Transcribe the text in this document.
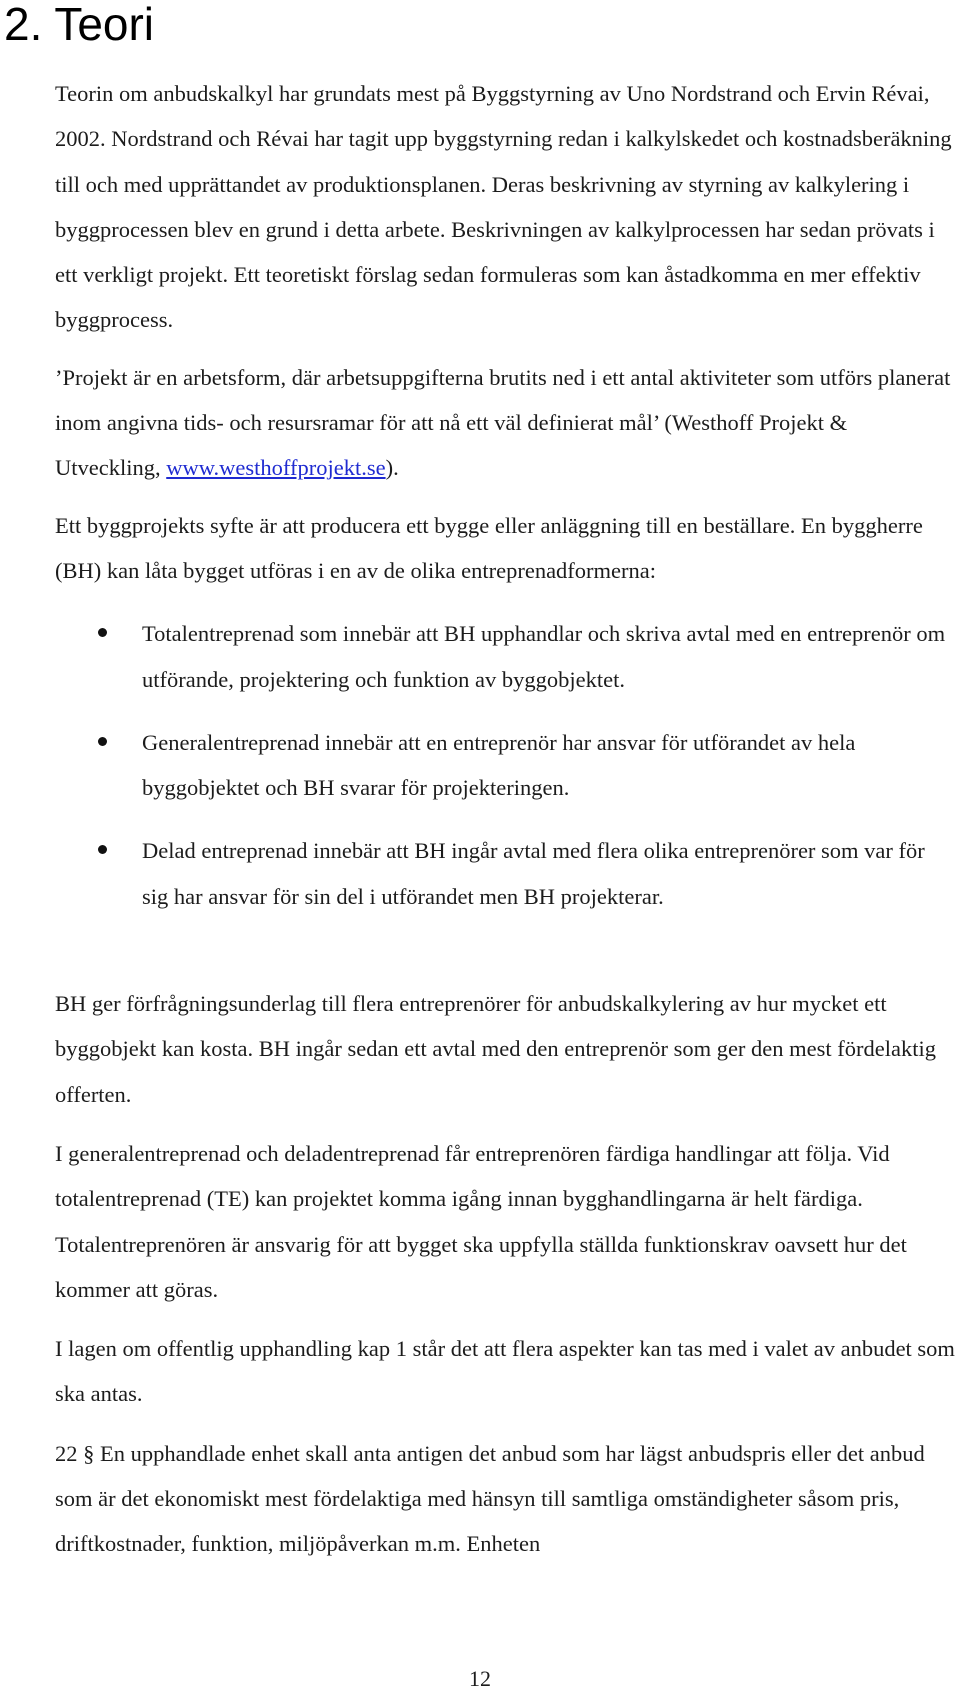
2. Teori

Teorin om anbudskalkyl har grundats mest på Byggstyrning av Uno Nordstrand och Ervin Révai, 2002. Nordstrand och Révai har tagit upp byggstyrning redan i kalkylskedet och kostnadsberäkning till och med upprättandet av produktionsplanen. Deras beskrivning av styrning av kalkylering i byggprocessen blev en grund i detta arbete. Beskrivningen av kalkylprocessen har sedan prövats i ett verkligt projekt. Ett teoretiskt förslag sedan formuleras som kan åstadkomma en mer effektiv byggprocess.

’Projekt är en arbetsform, där arbetsuppgifterna brutits ned i ett antal aktiviteter som utförs planerat inom angivna tids- och resursramar för att nå ett väl definierat mål’ (Westhoff Projekt & Utveckling, www.westhoffprojekt.se).

Ett byggprojekts syfte är att producera ett bygge eller anläggning till en beställare. En byggherre (BH) kan låta bygget utföras i en av de olika entreprenadformerna:

Totalentreprenad som innebär att BH upphandlar och skriva avtal med en entreprenör om utförande, projektering och funktion av byggobjektet.
Generalentreprenad innebär att en entreprenör har ansvar för utförandet av hela byggobjektet och BH svarar för projekteringen.
Delad entreprenad innebär att BH ingår avtal med flera olika entreprenörer som var för sig har ansvar för sin del i utförandet men BH projekterar.

BH ger förfrågningsunderlag till flera entreprenörer för anbudskalkylering av hur mycket ett byggobjekt kan kosta. BH ingår sedan ett avtal med den entreprenör som ger den mest fördelaktig offerten.

I generalentreprenad och deladentreprenad får entreprenören färdiga handlingar att följa. Vid totalentreprenad (TE) kan projektet komma igång innan bygghandlingarna är helt färdiga. Totalentreprenören är ansvarig för att bygget ska uppfylla ställda funktionskrav oavsett hur det kommer att göras.

I lagen om offentlig upphandling kap 1 står det att flera aspekter kan tas med i valet av anbudet som ska antas.

22 § En upphandlade enhet skall anta antigen det anbud som har lägst anbudspris eller det anbud som är det ekonomiskt mest fördelaktiga med hänsyn till samtliga omständigheter såsom pris, driftkostnader, funktion, miljöpåverkan m.m. Enheten

12
